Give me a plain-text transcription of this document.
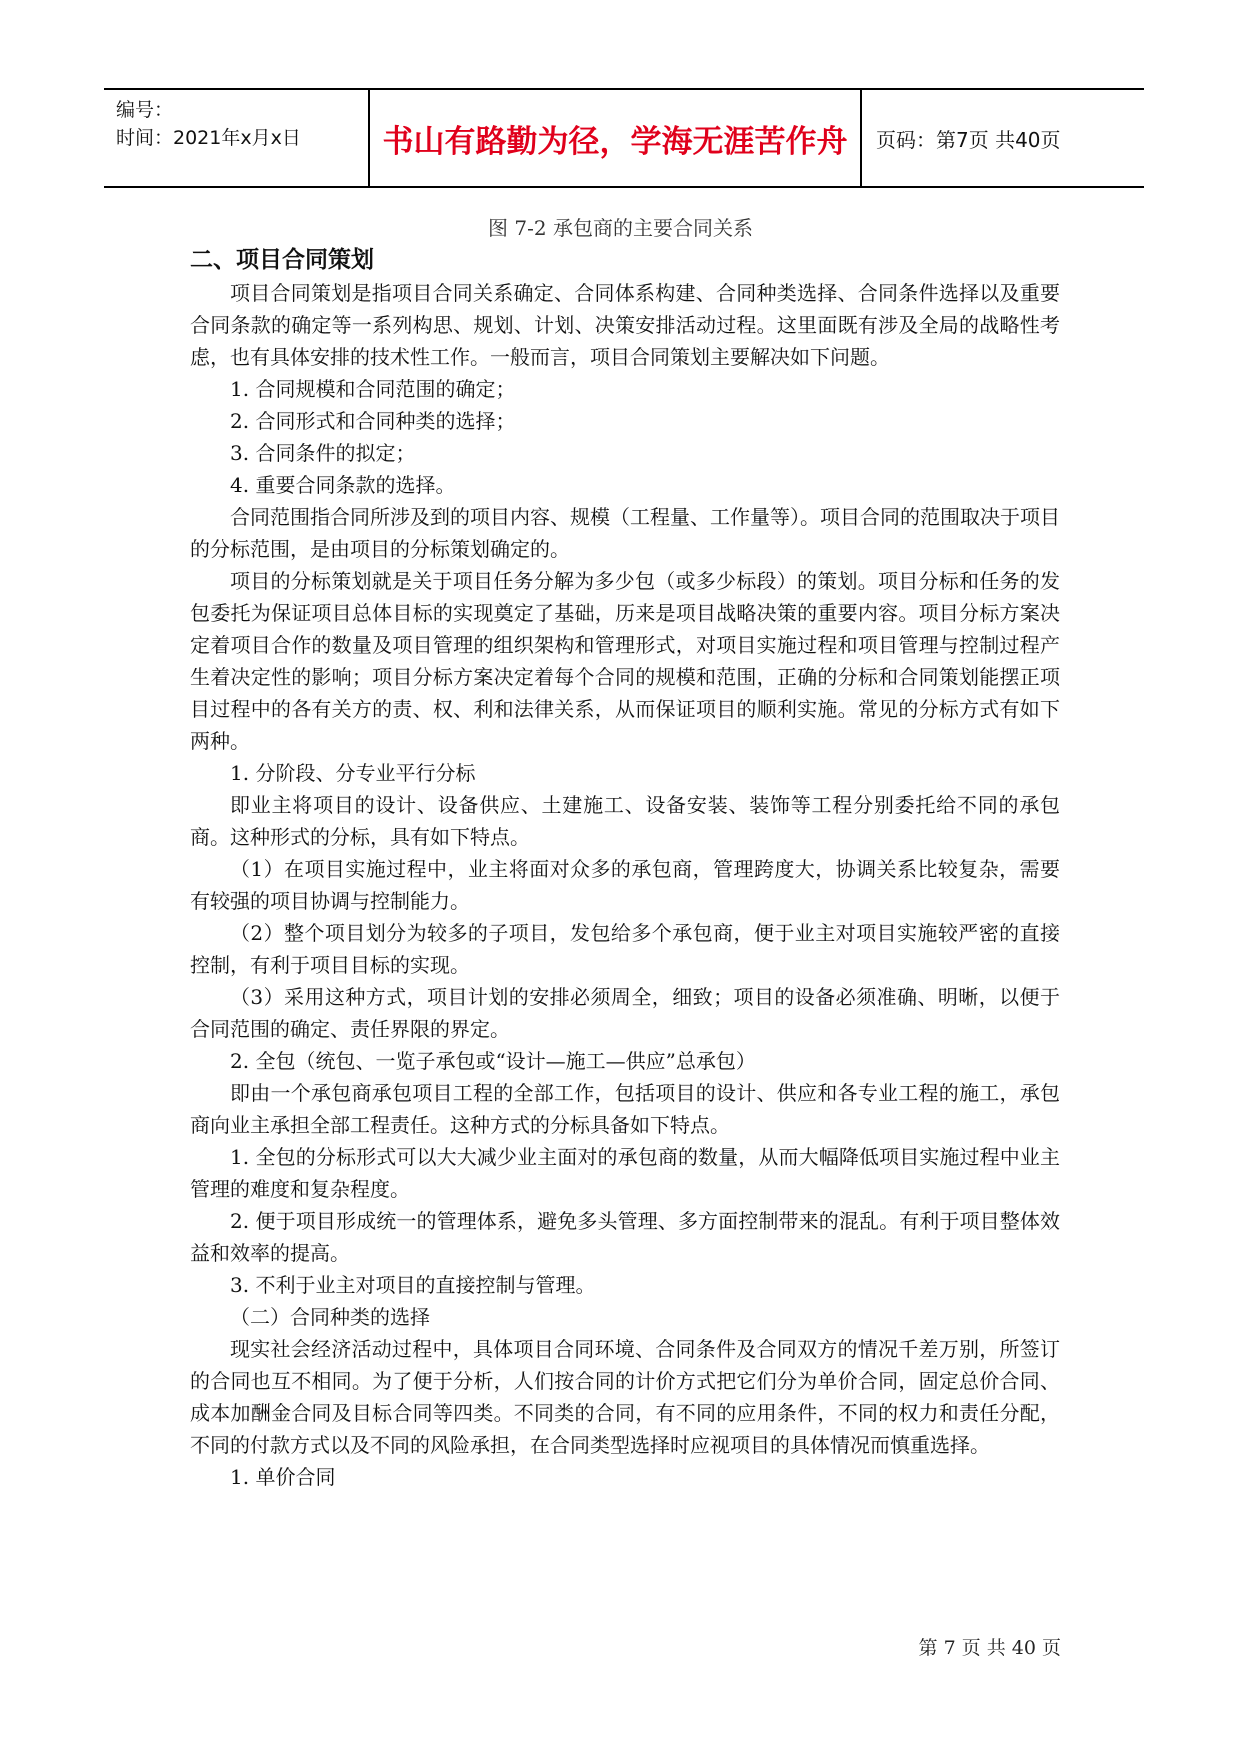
编号：
时间：2021年x月x日	书山有路勤为径，学海无涯苦作舟	页码：第7页 共40页
图 7-2 承包商的主要合同关系
二、项目合同策划

项目合同策划是指项目合同关系确定、合同体系构建、合同种类选择、合同条件选择以及重要合同条款的确定等一系列构思、规划、计划、决策安排活动过程。这里面既有涉及全局的战略性考虑，也有具体安排的技术性工作。一般而言，项目合同策划主要解决如下问题。

1. 合同规模和合同范围的确定；

2. 合同形式和合同种类的选择；

3. 合同条件的拟定；

4. 重要合同条款的选择。

合同范围指合同所涉及到的项目内容、规模（工程量、工作量等）。项目合同的范围取决于项目的分标范围，是由项目的分标策划确定的。

项目的分标策划就是关于项目任务分解为多少包（或多少标段）的策划。项目分标和任务的发包委托为保证项目总体目标的实现奠定了基础，历来是项目战略决策的重要内容。项目分标方案决定着项目合作的数量及项目管理的组织架构和管理形式，对项目实施过程和项目管理与控制过程产生着决定性的影响；项目分标方案决定着每个合同的规模和范围，正确的分标和合同策划能摆正项目过程中的各有关方的责、权、利和法律关系，从而保证项目的顺利实施。常见的分标方式有如下两种。

1. 分阶段、分专业平行分标

即业主将项目的设计、设备供应、土建施工、设备安装、装饰等工程分别委托给不同的承包商。这种形式的分标，具有如下特点。

（1）在项目实施过程中，业主将面对众多的承包商，管理跨度大，协调关系比较复杂，需要有较强的项目协调与控制能力。

（2）整个项目划分为较多的子项目，发包给多个承包商，便于业主对项目实施较严密的直接控制，有利于项目目标的实现。

（3）采用这种方式，项目计划的安排必须周全，细致；项目的设备必须准确、明晰，以便于合同范围的确定、责任界限的界定。

2. 全包（统包、一览子承包或“设计—施工—供应”总承包）

即由一个承包商承包项目工程的全部工作，包括项目的设计、供应和各专业工程的施工，承包商向业主承担全部工程责任。这种方式的分标具备如下特点。

1. 全包的分标形式可以大大减少业主面对的承包商的数量，从而大幅降低项目实施过程中业主管理的难度和复杂程度。

2. 便于项目形成统一的管理体系，避免多头管理、多方面控制带来的混乱。有利于项目整体效益和效率的提高。

3. 不利于业主对项目的直接控制与管理。

（二）合同种类的选择

现实社会经济活动过程中，具体项目合同环境、合同条件及合同双方的情况千差万别，所签订的合同也互不相同。为了便于分析，人们按合同的计价方式把它们分为单价合同，固定总价合同、成本加酬金合同及目标合同等四类。不同类的合同，有不同的应用条件，不同的权力和责任分配，不同的付款方式以及不同的风险承担，在合同类型选择时应视项目的具体情况而慎重选择。

1. 单价合同

第 7 页 共 40 页
